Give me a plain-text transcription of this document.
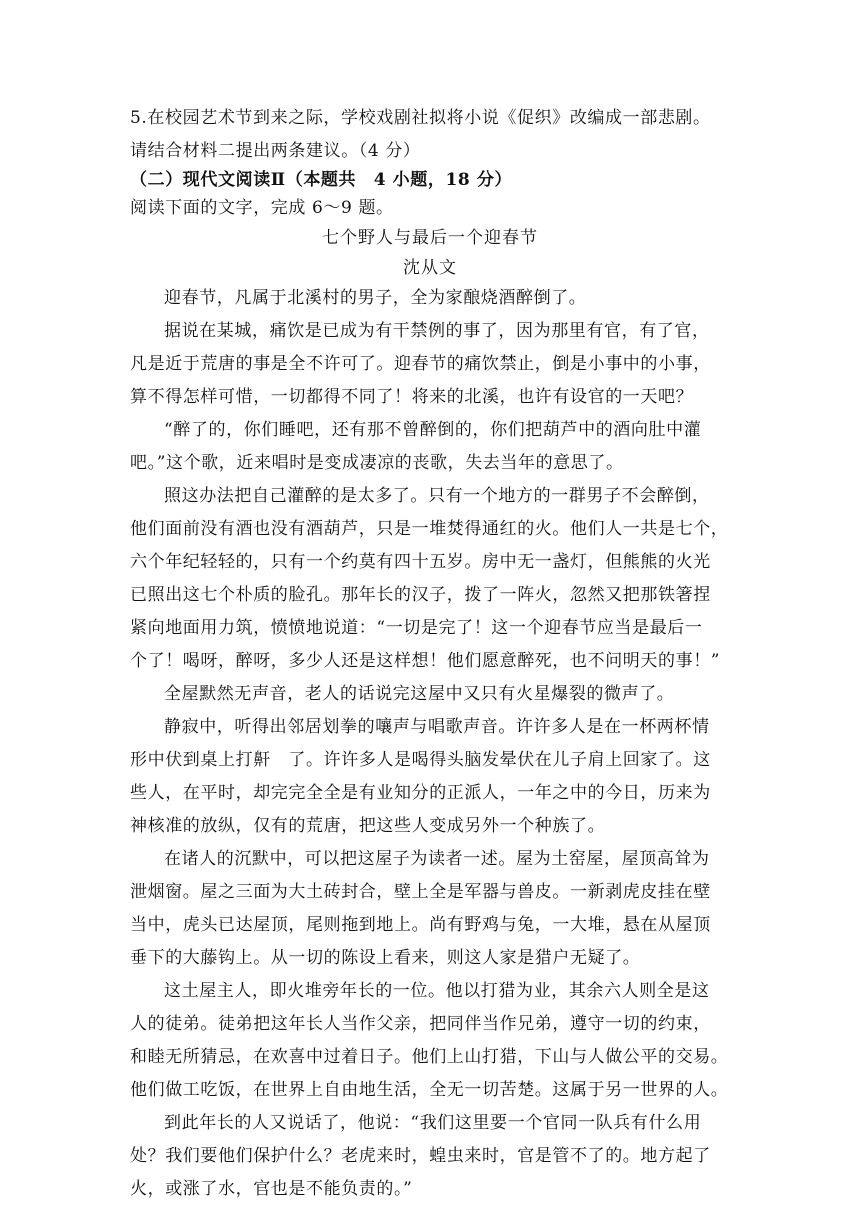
5.在校园艺术节到来之际，学校戏剧社拟将小说《促织》改编成一部悲剧。
请结合材料二提出两条建议。（4 分）
（二）现代文阅读Ⅱ（本题共　4 小题，18 分）
阅读下面的文字，完成 6～9 题。
七个野人与最后一个迎春节
沈从文

迎春节，凡属于北溪村的男子，全为家酿烧酒醉倒了。

据说在某城，痛饮是已成为有干禁例的事了，因为那里有官，有了官，
凡是近于荒唐的事是全不许可了。迎春节的痛饮禁止，倒是小事中的小事，
算不得怎样可惜，一切都得不同了！将来的北溪，也许有设官的一天吧？

“醉了的，你们睡吧，还有那不曾醉倒的，你们把葫芦中的酒向肚中灌
吧。”这个歌，近来唱时是变成凄凉的丧歌，失去当年的意思了。

照这办法把自己灌醉的是太多了。只有一个地方的一群男子不会醉倒，
他们面前没有酒也没有酒葫芦，只是一堆焚得通红的火。他们人一共是七个，
六个年纪轻轻的，只有一个约莫有四十五岁。房中无一盏灯，但熊熊的火光
已照出这七个朴质的脸孔。那年长的汉子，拨了一阵火，忽然又把那铁箸捏
紧向地面用力筑，愤愤地说道：“一切是完了！这一个迎春节应当是最后一
个了！喝呀，醉呀，多少人还是这样想！他们愿意醉死，也不问明天的事！”

全屋默然无声音，老人的话说完这屋中又只有火星爆裂的微声了。

静寂中，听得出邻居划拳的嚷声与唱歌声音。许许多人是在一杯两杯情
形中伏到桌上打鼾　了。许许多人是喝得头脑发晕伏在儿子肩上回家了。这
些人，在平时，却完完全全是有业知分的正派人，一年之中的今日，历来为
神核准的放纵，仅有的荒唐，把这些人变成另外一个种族了。

在诸人的沉默中，可以把这屋子为读者一述。屋为土窑屋，屋顶高耸为
泄烟窗。屋之三面为大土砖封合，壁上全是军器与兽皮。一新剥虎皮挂在壁
当中，虎头已达屋顶，尾则拖到地上。尚有野鸡与兔，一大堆，悬在从屋顶
垂下的大藤钩上。从一切的陈设上看来，则这人家是猎户无疑了。

这土屋主人，即火堆旁年长的一位。他以打猎为业，其余六人则全是这
人的徒弟。徒弟把这年长人当作父亲，把同伴当作兄弟，遵守一切的约束，
和睦无所猜忌，在欢喜中过着日子。他们上山打猎，下山与人做公平的交易。
他们做工吃饭，在世界上自由地生活，全无一切苦楚。这属于另一世界的人。

到此年长的人又说话了，他说：“我们这里要一个官同一队兵有什么用
处？我们要他们保护什么？老虎来时，蝗虫来时，官是管不了的。地方起了
火，或涨了水，官也是不能负责的。”
